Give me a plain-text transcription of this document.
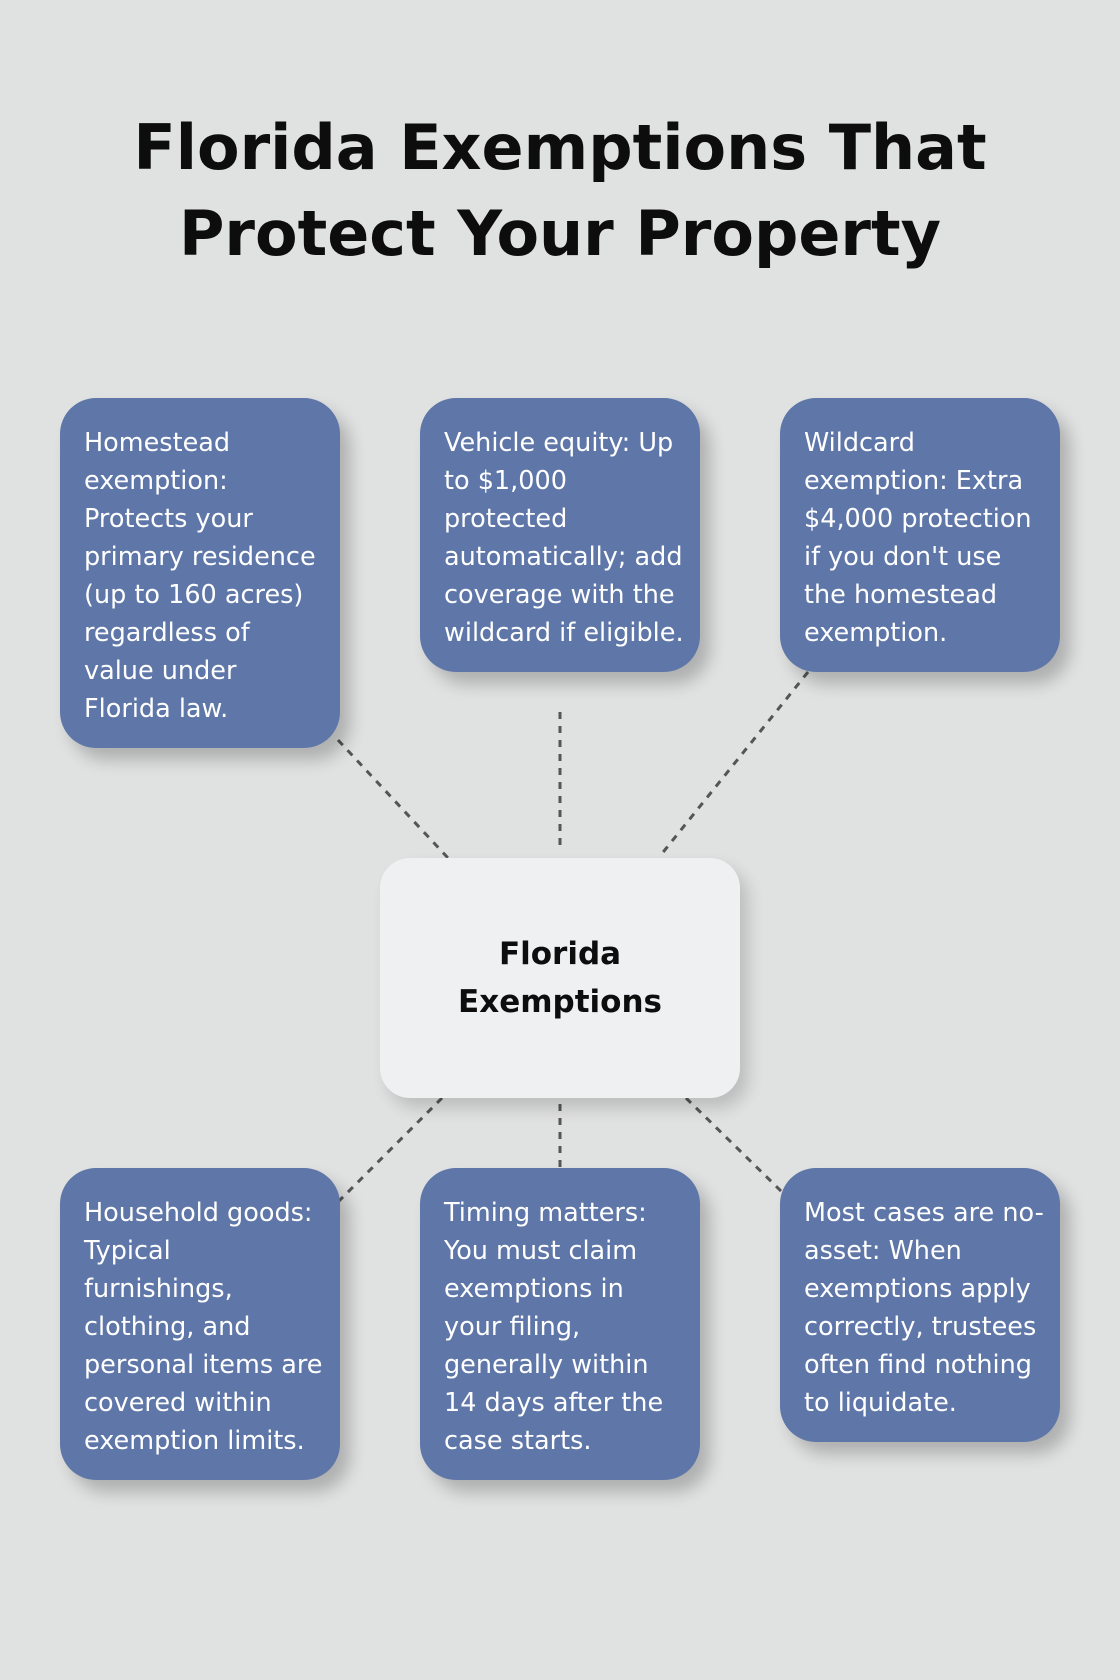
Florida Exemptions That Protect Your Property
Homestead exemption: Protects your primary residence (up to 160 acres) regardless of value under Florida law.
Vehicle equity: Up to $1,000 protected automatically; add coverage with the wildcard if eligible.
Wildcard exemption: Extra $4,000 protection if you don't use the homestead exemption.
Florida Exemptions
Household goods: Typical furnishings, clothing, and personal items are covered within exemption limits.
Timing matters: You must claim exemptions in your filing, generally within 14 days after the case starts.
Most cases are no-asset: When exemptions apply correctly, trustees often find nothing to liquidate.
